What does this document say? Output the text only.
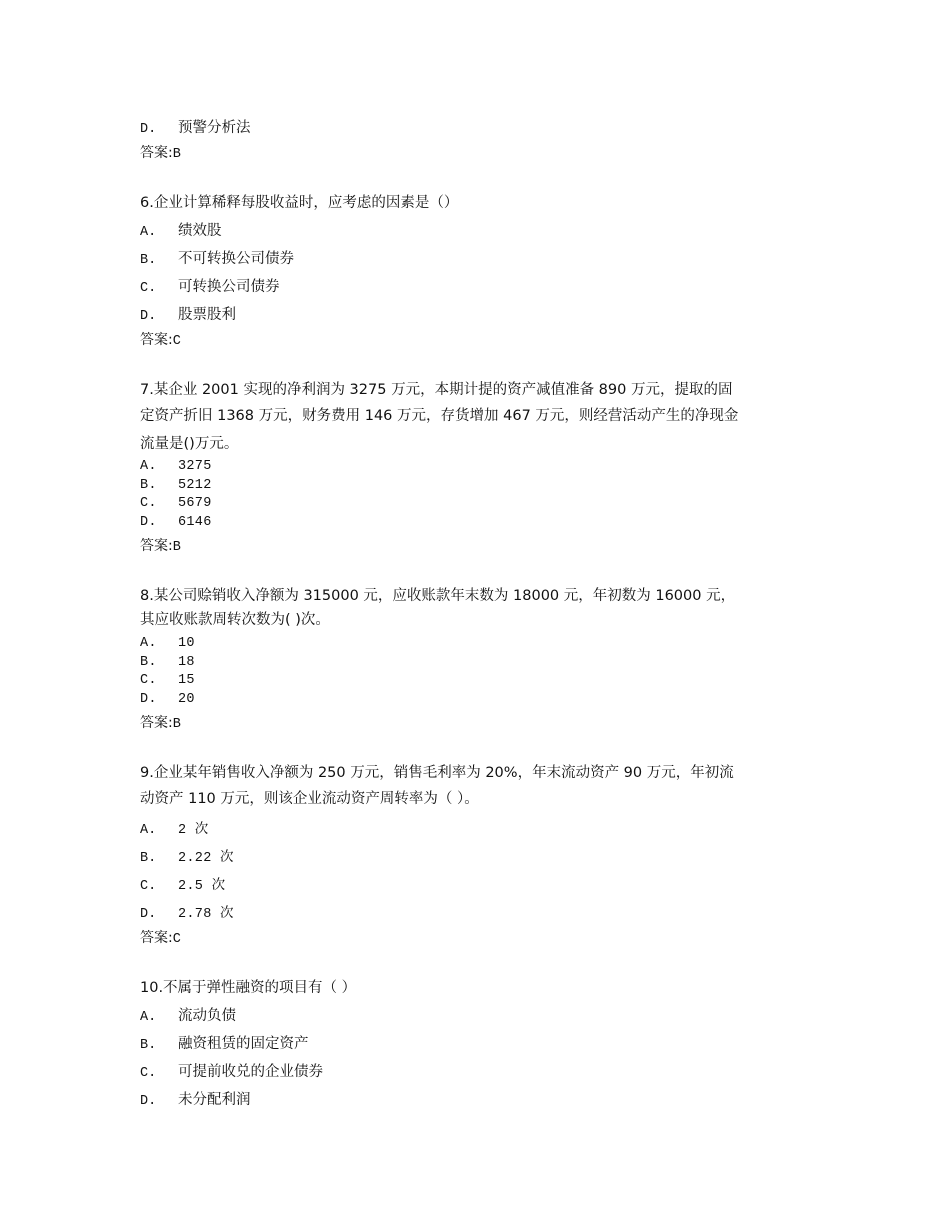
D. 预警分析法
答案:B
6.企业计算稀释每股收益时，应考虑的因素是（）
A. 绩效股
B. 不可转换公司债券
C. 可转换公司债券
D. 股票股利
答案:C
7.某企业 2001 实现的净利润为 3275 万元，本期计提的资产减值准备 890 万元，提取的固
定资产折旧 1368 万元，财务费用 146 万元，存货增加 467 万元，则经营活动产生的净现金
流量是()万元。
A. 3275
B. 5212
C. 5679
D. 6146
答案:B
8.某公司赊销收入净额为 315000 元，应收账款年末数为 18000 元，年初数为 16000 元，
其应收账款周转次数为( )次。
A. 10
B. 18
C. 15
D. 20
答案:B
9.企业某年销售收入净额为 250 万元，销售毛利率为 20%，年末流动资产 90 万元，年初流
动资产 110 万元，则该企业流动资产周转率为（ ）。
A. 2 次
B. 2.22 次
C. 2.5 次
D. 2.78 次
答案:C
10.不属于弹性融资的项目有（ ）
A. 流动负债
B. 融资租赁的固定资产
C. 可提前收兑的企业债券
D. 未分配利润
